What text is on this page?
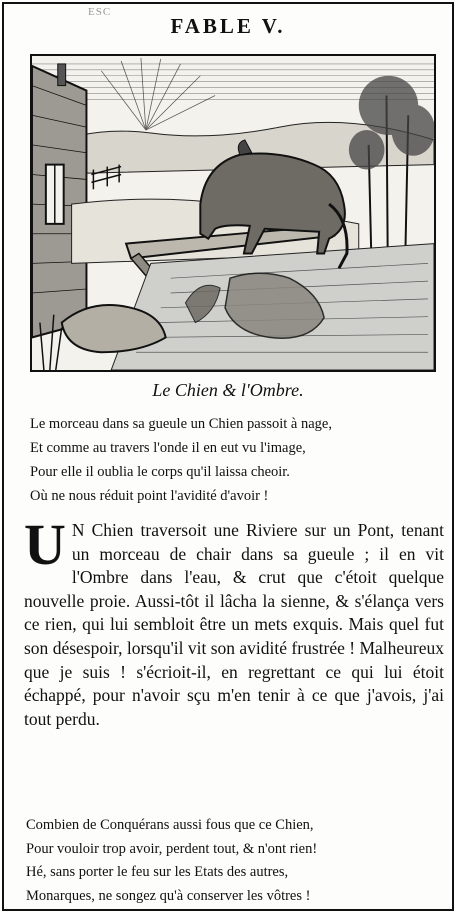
ESC
FABLE V.
Le Chien & l'Ombre.
Le morceau dans sa gueule un Chien passoit à nage,
Et comme au travers l'onde il en eut vu l'image,
Pour elle il oublia le corps qu'il laissa cheoir.
Où ne nous réduit point l'avidité d'avoir !
U N Chien traversoit une Riviere sur un Pont, tenant un morceau de chair dans sa gueule ; il en vit l'Ombre dans l'eau, & crut que c'étoit quelque nouvelle proie. Aussi-tôt il lâcha la sienne, & s'élança vers ce rien, qui lui sembloit être un mets exquis. Mais quel fut son désespoir, lorsqu'il vit son avidité frustrée ! Malheureux que je suis ! s'écrioit-il, en regrettant ce qui lui étoit échappé, pour n'avoir sçu m'en tenir à ce que j'avois, j'ai tout perdu.
Combien de Conquérans aussi fous que ce Chien,
Pour vouloir trop avoir, perdent tout, & n'ont rien!
Hé, sans porter le feu sur les Etats des autres,
Monarques, ne songez qu'à conserver les vôtres !
